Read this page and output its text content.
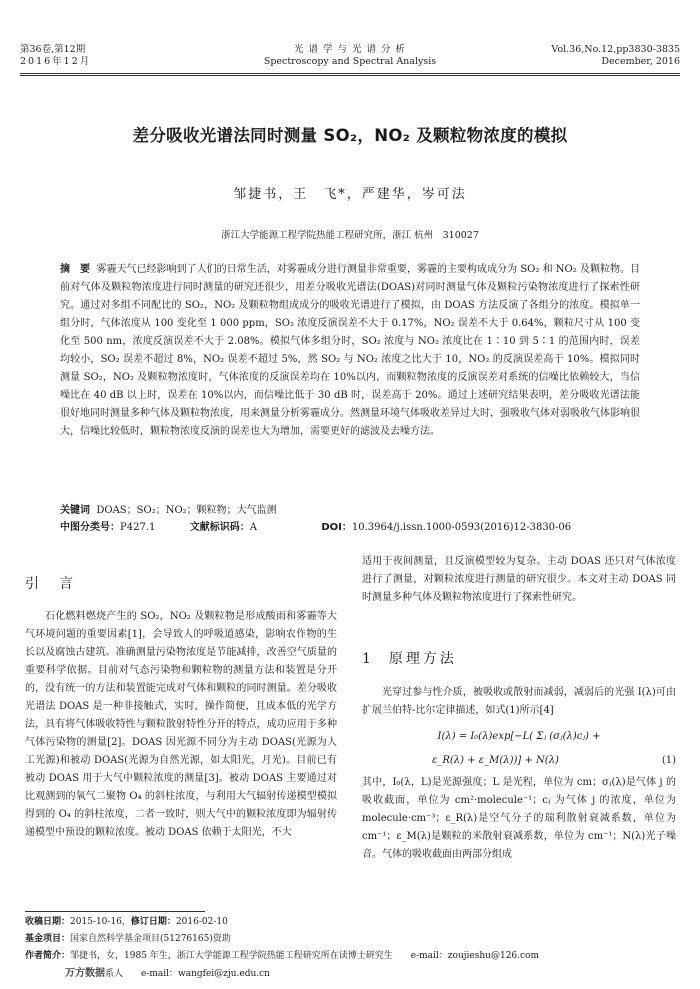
第36卷,第12期
2016年12月
光 谱 学 与 光 谱 分 析
Spectroscopy and Spectral Analysis
Vol.36,No.12,pp3830-3835
December, 2016
差分吸收光谱法同时测量 SO₂，NO₂ 及颗粒物浓度的模拟
邹捷书，王　飞*，严建华，岑可法
浙江大学能源工程学院热能工程研究所，浙江 杭州　310027
摘　要 雾霾天气已经影响到了人们的日常生活，对雾霾成分进行测量非常重要，雾霾的主要构成成分为 SO₂ 和 NO₂ 及颗粒物。目前对气体及颗粒物浓度进行同时测量的研究还很少，用差分吸收光谱法(DOAS)对同时测量气体及颗粒污染物浓度进行了探索性研究。通过对多组不同配比的 SO₂，NO₂ 及颗粒物组成成分的吸收光谱进行了模拟，由 DOAS 方法反演了各组分的浓度。模拟单一组分时，气体浓度从 100 变化至 1 000 ppm，SO₂ 浓度反演误差不大于 0.17%，NO₂ 误差不大于 0.64%，颗粒尺寸从 100 变化至 500 nm，浓度反演误差不大于 2.08%。模拟气体多组分时，SO₂ 浓度与 NO₂ 浓度比在 1∶10 到 5∶1 的范围内时，误差均较小，SO₂ 误差不超过 8%，NO₂ 误差不超过 5%，然 SO₂ 与 NO₂ 浓度之比大于 10，NO₂ 的反演误差高于 10%。模拟同时测量 SO₂，NO₂ 及颗粒物浓度时，气体浓度的反演误差均在 10%以内，而颗粒物浓度的反演误差对系统的信噪比依赖较大，当信噪比在 40 dB 以上时，误差在 10%以内，而信噪比低于 30 dB 时，误差高于 20%。通过上述研究结果表明，差分吸收光谱法能很好地同时测量多种气体及颗粒物浓度，用来测量分析雾霾成分。然测量环境气体吸收差异过大时，强吸收气体对弱吸收气体影响很大，信噪比较低时，颗粒物浓度反演的误差也大为增加，需要更好的滤波及去噪方法。
关键词 DOAS；SO₂；NO₂；颗粒物；大气监测
中图分类号：P427.1	文献标识码：A	DOI：10.3964/j.issn.1000-0593(2016)12-3830-06
引　言
石化燃料燃烧产生的 SO₂，NO₂ 及颗粒物是形成酸雨和雾霾等大气环境问题的重要因素[1]，会导致人的呼吸道感染，影响农作物的生长以及腐蚀古建筑。准确测量污染物浓度是节能减排，改善空气质量的重要科学依据。目前对气态污染物和颗粒物的测量方法和装置是分开的，没有统一的方法和装置能完成对气体和颗粒的同时测量。差分吸收光谱法 DOAS 是一种非接触式，实时，操作简便，且成本低的光学方法，具有将气体吸收特性与颗粒散射特性分开的特点，成功应用于多种气体污染物的测量[2]。DOAS 因光源不同分为主动 DOAS(光源为人工光源)和被动 DOAS(光源为自然光源，如太阳光，月光)。目前已有被动 DOAS 用于大气中颗粒浓度的测量[3]。被动 DOAS 主要通过对比观测到的氧气二聚物 O₄ 的斜柱浓度，与利用大气辐射传递模型模拟得到的 O₄ 的斜柱浓度，二者一致时，则大气中的颗粒浓度即为辐射传递模型中预设的颗粒浓度。被动 DOAS 依赖于太阳光，不大
适用于夜间测量，且反演模型较为复杂。主动 DOAS 还只对气体浓度进行了测量，对颗粒浓度进行测量的研究很少。本文对主动 DOAS 同时测量多种气体及颗粒物浓度进行了探索性研究。
1 原理方法
光穿过参与性介质，被吸收或散射而减弱，减弱后的光强 I(λ)可由扩展兰伯特-比尔定律描述，如式(1)所示[4]
I(λ) = I₀(λ)exp[−L( Σⱼ (σⱼ(λ)cⱼ) +
ε_R(λ) + ε_M(λ))] + N(λ)	(1)
其中，I₀(λ，L)是光源强度；L 是光程，单位为 cm；σⱼ(λ)是气体 j 的吸收截面，单位为 cm²·molecule⁻¹；cⱼ 为气体 j 的浓度，单位为 molecule·cm⁻³；ε_R(λ)是空气分子的瑞利散射衰减系数，单位为 cm⁻¹；ε_M(λ)是颗粒的米散射衰减系数，单位为 cm⁻¹；N(λ)光子噪音。气体的吸收截面由两部分组成
收稿日期：2015-10-16，修订日期：2016-02-10
基金项目：国家自然科学基金项目(51276165)资助
作者简介：邹捷书，女，1985 年生，浙江大学能源工程学院热能工程研究所在读博士研究生　　e-mail：zoujieshu@126.com
万方数据系人　　e-mail：wangfei@zju.edu.cn
